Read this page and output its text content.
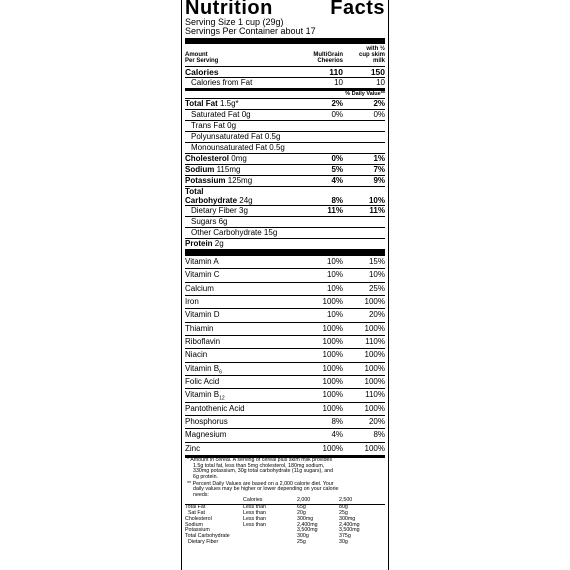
Nutrition	Facts
Serving Size 1 cup (29g)
Servings Per Container about 17
Amount
Per Serving
MultiGrain
Cheerios
with ½
cup skim
milk
Calories	110	150
Calories from Fat	10	10
% Daily Value**
Total Fat 1.5g*	2%	2%
Saturated Fat 0g	0%	0%
Trans Fat 0g
Polyunsaturated Fat 0.5g
Monounsaturated Fat 0.5g
Cholesterol 0mg	0%	1%
Sodium 115mg	5%	7%
Potassium 125mg	4%	9%
Total
Carbohydrate 24g	8%	10%
Dietary Fiber 3g	11%	11%
Sugars 6g
Other Carbohydrate 15g
Protein 2g
Vitamin A	10%	15%
Vitamin C	10%	10%
Calcium	10%	25%
Iron	100%	100%
Vitamin D	10%	20%
Thiamin	100%	100%
Riboflavin	100%	110%
Niacin	100%	100%
Vitamin $B_6$	100%	100%
Folic Acid	100%	100%
Vitamin $B_{12}$	100%	110%
Pantothenic Acid	100%	100%
Phosphorus	8%	20%
Magnesium	4%	8%
Zinc	100%	100%
* Amount in cereal. A serving of cereal plus skim milk provides
1.5g total fat, less than 5mg cholesterol, 180mg sodium,
330mg potassium, 30g total carbohydrate (11g sugars), and
6g protein.
** Percent Daily Values are based on a 2,000 calorie diet. Your
daily values may be higher or lower depending on your calorie
needs:
	Calories	2,000	2,500
Total Fat	Less than	65g	80g
Sat Fat	Less than	20g	25g
Cholesterol	Less than	300mg	300mg
Sodium	Less than	2,400mg	2,400mg
Potassium		3,500mg	3,500mg
Total Carbohydrate		300g	375g
Dietary Fiber		25g	30g
